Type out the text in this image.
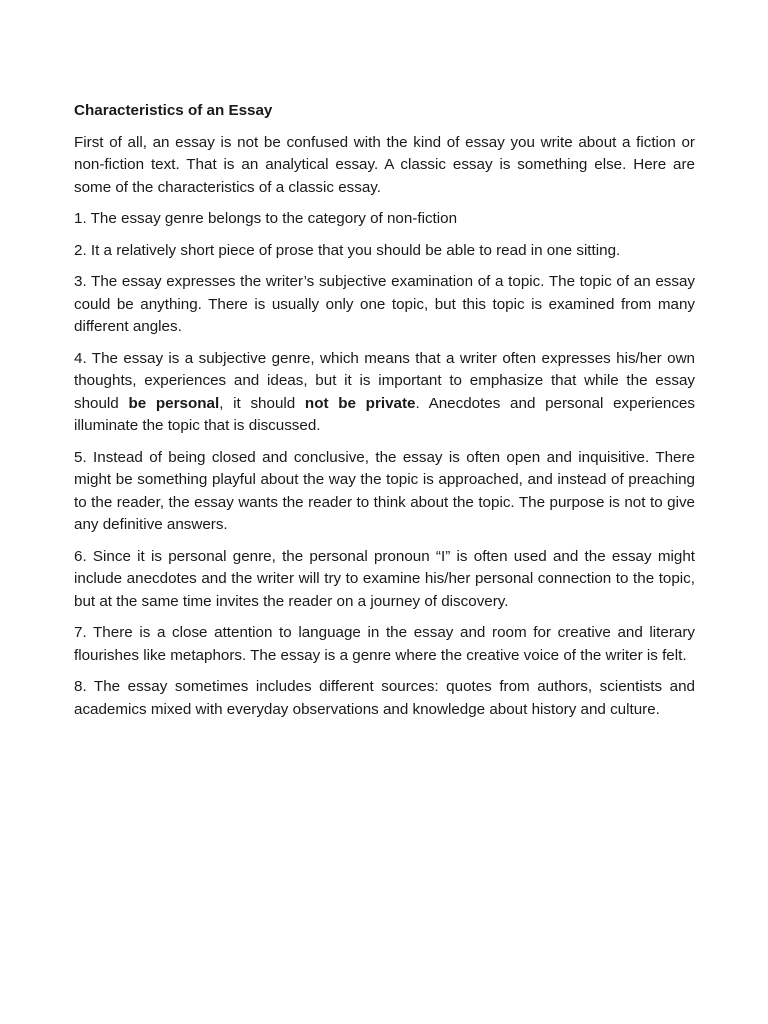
Characteristics of an Essay

First of all, an essay is not be confused with the kind of essay you write about a fiction or non-fiction text. That is an analytical essay. A classic essay is something else. Here are some of the characteristics of a classic essay.

1. The essay genre belongs to the category of non-fiction

2. It a relatively short piece of prose that you should be able to read in one sitting.

3. The essay expresses the writer’s subjective examination of a topic. The topic of an essay could be anything. There is usually only one topic, but this topic is examined from many different angles.

4. The essay is a subjective genre, which means that a writer often expresses his/her own thoughts, experiences and ideas, but it is important to emphasize that while the essay should be personal, it should not be private. Anecdotes and personal experiences illuminate the topic that is discussed.

5. Instead of being closed and conclusive, the essay is often open and inquisitive. There might be something playful about the way the topic is approached, and instead of preaching to the reader, the essay wants the reader to think about the topic. The purpose is not to give any definitive answers.

6. Since it is personal genre, the personal pronoun “I” is often used and the essay might include anecdotes and the writer will try to examine his/her personal connection to the topic, but at the same time invites the reader on a journey of discovery.

7. There is a close attention to language in the essay and room for creative and literary flourishes like metaphors. The essay is a genre where the creative voice of the writer is felt.

8. The essay sometimes includes different sources: quotes from authors, scientists and academics mixed with everyday observations and knowledge about history and culture.
